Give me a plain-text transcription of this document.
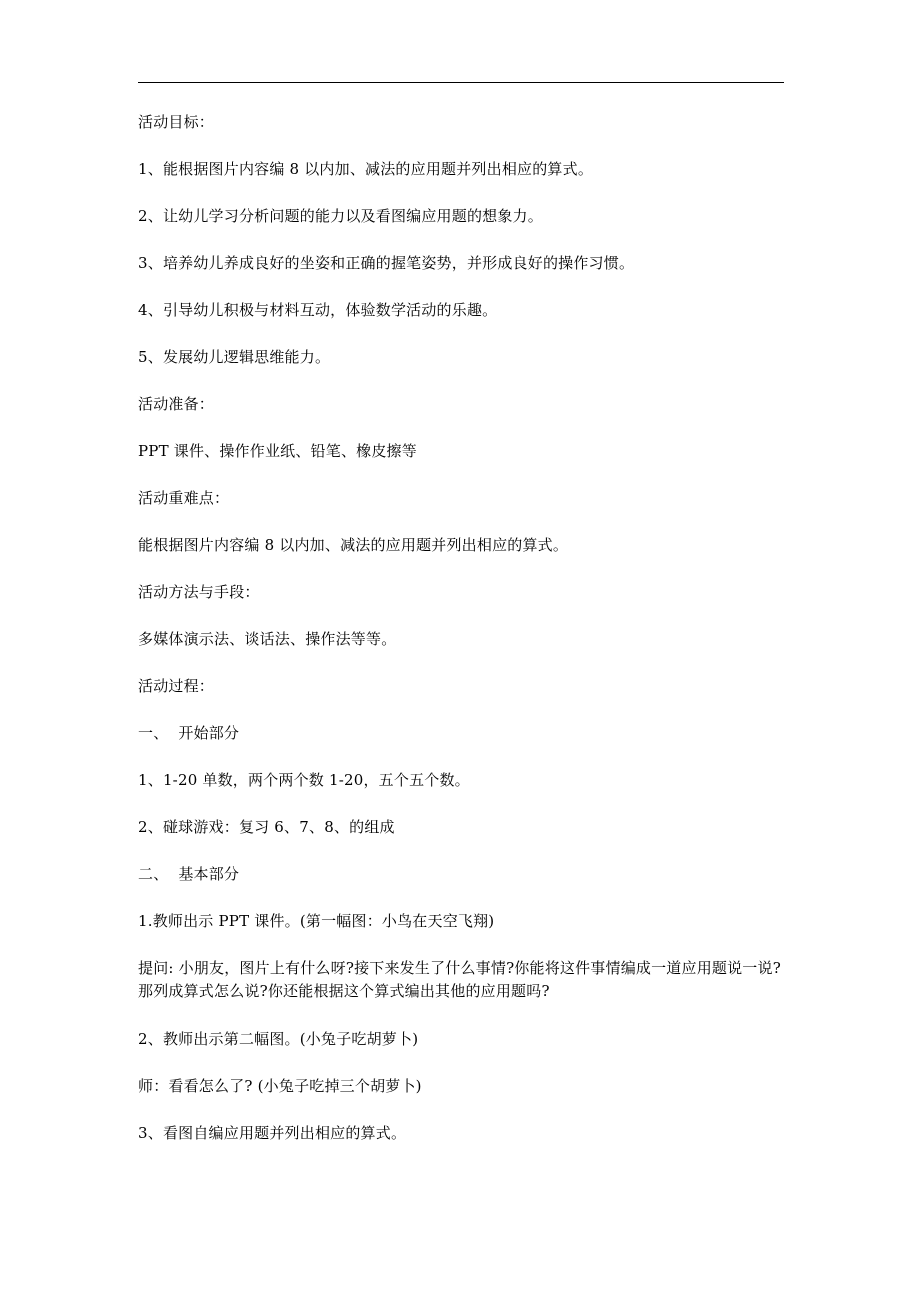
活动目标：

1、能根据图片内容编 8 以内加、减法的应用题并列出相应的算式。

2、让幼儿学习分析问题的能力以及看图编应用题的想象力。

3、培养幼儿养成良好的坐姿和正确的握笔姿势，并形成良好的操作习惯。

4、引导幼儿积极与材料互动，体验数学活动的乐趣。

5、发展幼儿逻辑思维能力。

活动准备：

PPT 课件、操作作业纸、铅笔、橡皮擦等

活动重难点：

能根据图片内容编 8 以内加、减法的应用题并列出相应的算式。

活动方法与手段：

多媒体演示法、谈话法、操作法等等。

活动过程：

一、  开始部分

1、1-20 单数，两个两个数 1-20，五个五个数。

2、碰球游戏：复习 6、7、8、的组成

二、  基本部分

1.教师出示 PPT 课件。(第一幅图：小鸟在天空飞翔)

提问: 小朋友，图片上有什么呀?接下来发生了什么事情?你能将这件事情编成一道应用题说一说?那列成算式怎么说?你还能根据这个算式编出其他的应用题吗?

2、教师出示第二幅图。(小兔子吃胡萝卜)

师：看看怎么了? (小兔子吃掉三个胡萝卜)

3、看图自编应用题并列出相应的算式。
